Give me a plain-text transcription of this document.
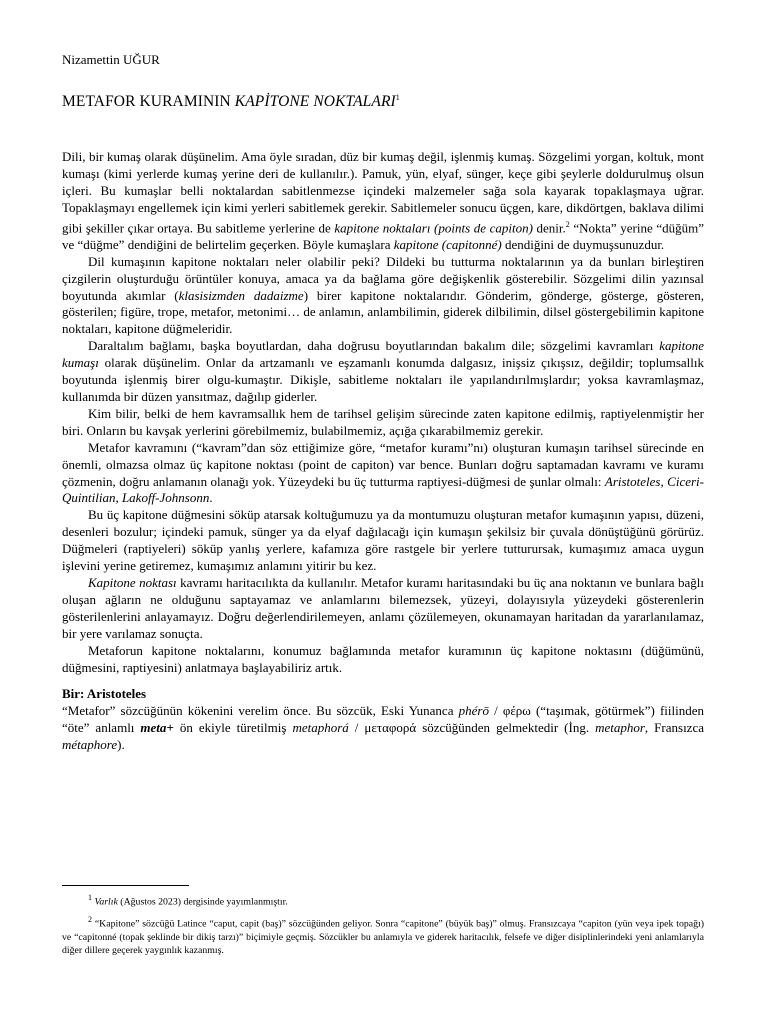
Nizamettin UĞUR
METAFOR KURAMININ KAPİTONE NOKTALARI$^1$

Dili, bir kumaş olarak düşünelim. Ama öyle sıradan, düz bir kumaş değil, işlenmiş kumaş. Sözgelimi yorgan, koltuk, mont kumaşı (kimi yerlerde kumaş yerine deri de kullanılır.). Pamuk, yün, elyaf, sünger, keçe gibi şeylerle doldurulmuş olsun içleri. Bu kumaşlar belli noktalardan sabitlenmezse içindeki malzemeler sağa sola kayarak topaklaşmaya uğrar. Topaklaşmayı engellemek için kimi yerleri sabitlemek gerekir. Sabitlemeler sonucu üçgen, kare, dikdörtgen, baklava dilimi gibi şekiller çıkar ortaya. Bu sabitleme yerlerine de kapitone noktaları (points de capiton) denir.$^2$ “Nokta” yerine “düğüm” ve “düğme” dendiğini de belirtelim geçerken. Böyle kumaşlara kapitone (capitonné) dendiğini de duymuşsunuzdur.

Dil kumaşının kapitone noktaları neler olabilir peki? Dildeki bu tutturma noktalarının ya da bunları birleştiren çizgilerin oluşturduğu örüntüler konuya, amaca ya da bağlama göre değişkenlik gösterebilir. Sözgelimi dilin yazınsal boyutunda akımlar (klasisizmden dadaizme) birer kapitone noktalarıdır. Gönderim, gönderge, gösterge, gösteren, gösterilen; figüre, trope, metafor, metonimi… de anlamın, anlambilimin, giderek dilbilimin, dilsel göstergebilimin kapitone noktaları, kapitone düğmeleridir.

Daraltalım bağlamı, başka boyutlardan, daha doğrusu boyutlarından bakalım dile; sözgelimi kavramları kapitone kumaşı olarak düşünelim. Onlar da artzamanlı ve eşzamanlı konumda dalgasız, inişsiz çıkışsız, değildir; toplumsallık boyutunda işlenmiş birer olgu-kumaştır. Dikişle, sabitleme noktaları ile yapılandırılmışlardır; yoksa kavramlaşmaz, kullanımda bir düzen yansıtmaz, dağılıp giderler.

Kim bilir, belki de hem kavramsallık hem de tarihsel gelişim sürecinde zaten kapitone edilmiş, raptiyelenmiştir her biri. Onların bu kavşak yerlerini görebilmemiz, bulabilmemiz, açığa çıkarabilmemiz gerekir.

Metafor kavramını (“kavram”dan söz ettiğimize göre, “metafor kuramı”nı) oluşturan kumaşın tarihsel sürecinde en önemli, olmazsa olmaz üç kapitone noktası (point de capiton) var bence. Bunları doğru saptamadan kavramı ve kuramı çözmenin, doğru anlamanın olanağı yok. Yüzeydeki bu üç tutturma raptiyesi-düğmesi de şunlar olmalı: Aristoteles, Ciceri-Quintilian, Lakoff-Johnsonn.

Bu üç kapitone düğmesini söküp atarsak koltuğumuzu ya da montumuzu oluşturan metafor kumaşının yapısı, düzeni, desenleri bozulur; içindeki pamuk, sünger ya da elyaf dağılacağı için kumaşın şekilsiz bir çuvala dönüştüğünü görürüz. Düğmeleri (raptiyeleri) söküp yanlış yerlere, kafamıza göre rastgele bir yerlere tutturursak, kumaşımız amaca uygun işlevini yerine getiremez, kumaşımız anlamını yitirir bu kez.

Kapitone noktası kavramı haritacılıkta da kullanılır. Metafor kuramı haritasındaki bu üç ana noktanın ve bunlara bağlı oluşan ağların ne olduğunu saptayamaz ve anlamlarını bilemezsek, yüzeyi, dolayısıyla yüzeydeki gösterenlerin gösterilenlerini anlayamayız. Doğru değerlendirilemeyen, anlamı çözülemeyen, okunamayan haritadan da yararlanılamaz, bir yere varılamaz sonuçta.

Metaforun kapitone noktalarını, konumuz bağlamında metafor kuramının üç kapitone noktasını (düğümünü, düğmesini, raptiyesini) anlatmaya başlayabiliriz artık.

Bir: Aristoteles

“Metafor” sözcüğünün kökenini verelim önce. Bu sözcük, Eski Yunanca phérō / φέρω (“taşımak, götürmek”) fiilinden “öte” anlamlı meta+ ön ekiyle türetilmiş metaphorá / μεταφορά sözcüğünden gelmektedir (İng. metaphor, Fransızca métaphore).

$^1$ Varlık (Ağustos 2023) dergisinde yayımlanmıştır.

$^2$ “Kapitone” sözcüğü Latince “caput, capit (baş)” sözcüğünden geliyor. Sonra “capitone” (büyük baş)” olmuş. Fransızcaya “capiton (yün veya ipek topağı) ve “capitonné (topak şeklinde bir dikiş tarzı)” biçimiyle geçmiş. Sözcükler bu anlamıyla ve giderek haritacılık, felsefe ve diğer disiplinlerindeki yeni anlamlarıyla diğer dillere geçerek yaygınlık kazanmış.
